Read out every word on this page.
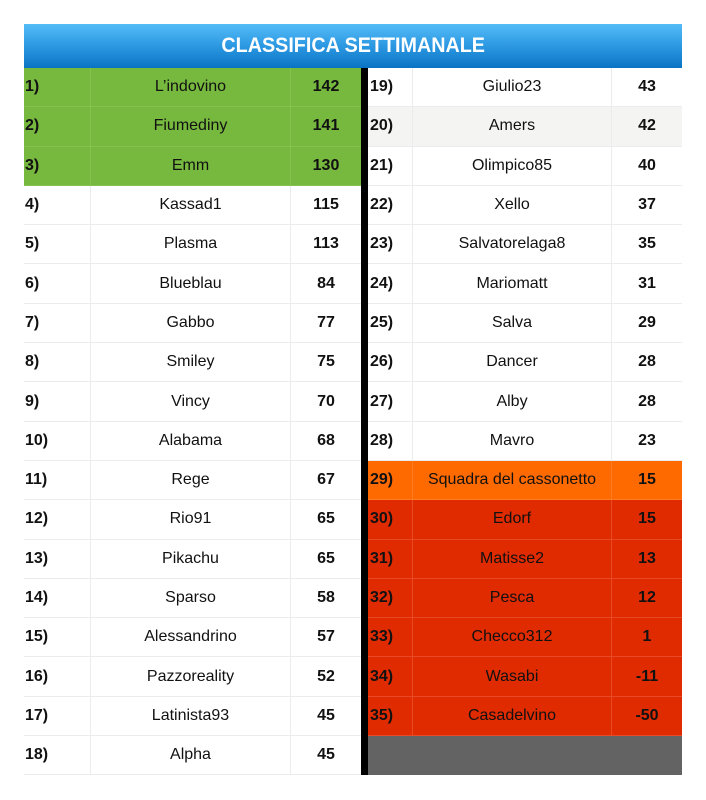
CLASSIFICA SETTIMANALE
1)	L’indovino	142
2)	Fiumediny	141
3)	Emm	130
4)	Kassad1	115
5)	Plasma	113
6)	Blueblau	84
7)	Gabbo	77
8)	Smiley	75
9)	Vincy	70
10)	Alabama	68
11)	Rege	67
12)	Rio91	65
13)	Pikachu	65
14)	Sparso	58
15)	Alessandrino	57
16)	Pazzoreality	52
17)	Latinista93	45
18)	Alpha	45
19)	Giulio23	43
20)	Amers	42
21)	Olimpico85	40
22)	Xello	37
23)	Salvatorelaga8	35
24)	Mariomatt	31
25)	Salva	29
26)	Dancer	28
27)	Alby	28
28)	Mavro	23
29)	Squadra del cassonetto	15
30)	Edorf	15
31)	Matisse2	13
32)	Pesca	12
33)	Checco312	1
34)	Wasabi	-11
35)	Casadelvino	-50
